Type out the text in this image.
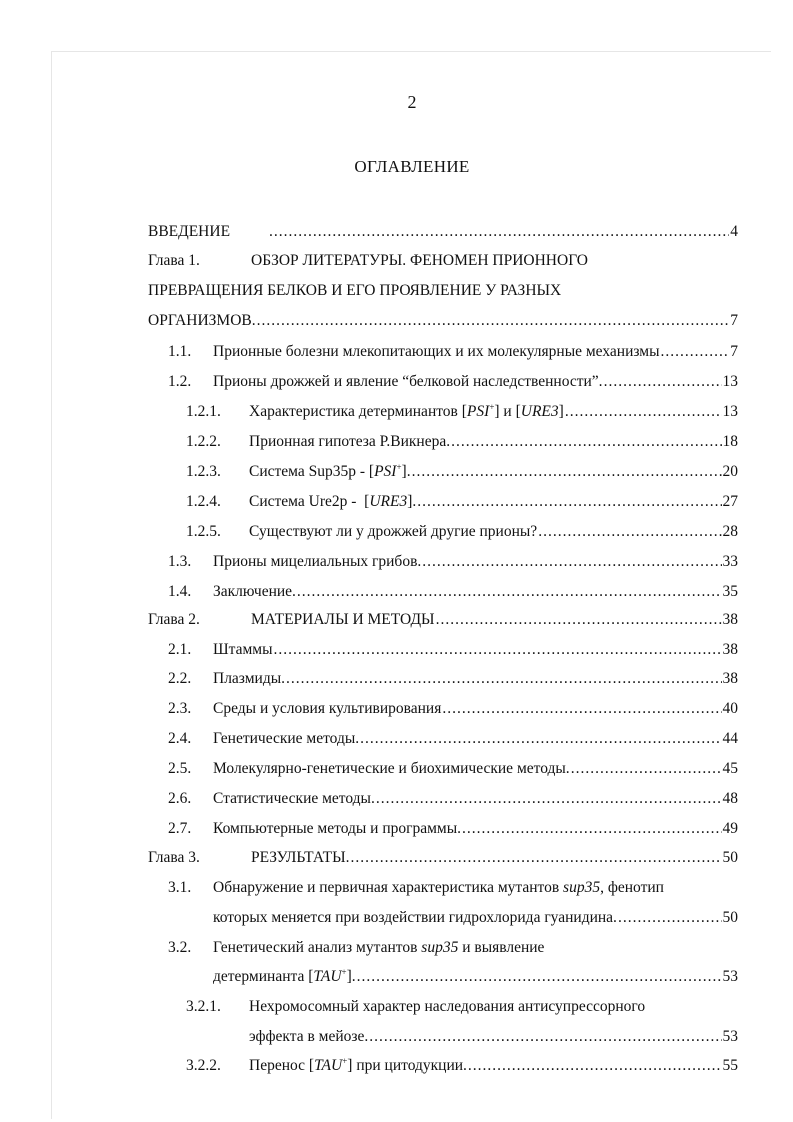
2
ОГЛАВЛЕНИЕ
ВВЕДЕНИЕ .....	4
Глава 1.	ОБЗОР ЛИТЕРАТУРЫ. ФЕНОМЕН ПРИОННОГО
ПРЕВРАЩЕНИЯ БЕЛКОВ И ЕГО ПРОЯВЛЕНИЕ У РАЗНЫХ
ОРГАНИЗМОВ. .....	7
1.1.	Прионные болезни млекопитающих и их молекулярные механизмы .....	7
1.2.	Прионы дрожжей и явление “белковой наследственности”. .....	13
1.2.1.	Характеристика детерминантов [PSI+] и [URE3] .....	13
1.2.2.	Прионная гипотеза Р.Викнера. .....	18
1.2.3.	Система Sup35p - [PSI+]. .....	20
1.2.4.	Система Ure2p -  [URE3]. .....	27
1.2.5.	Существуют ли у дрожжей другие прионы? .....	28
1.3.	Прионы мицелиальных грибов. .....	33
1.4.	Заключение. .....	35
Глава 2.	МАТЕРИАЛЫ И МЕТОДЫ .....	38
2.1.	Штаммы .....	38
2.2.	Плазмиды. .....	38
2.3.	Среды и условия культивирования .....	40
2.4.	Генетические методы. .....	44
2.5.	Молекулярно-генетические и биохимические методы. .....	45
2.6.	Статистические методы. .....	48
2.7.	Компьютерные методы и программы. .....	49
Глава 3.	РЕЗУЛЬТАТЫ. .....	50
3.1.	Обнаружение и первичная характеристика мутантов sup35, фенотип
которых меняется при воздействии гидрохлорида гуанидина. .....	50
3.2.	Генетический анализ мутантов sup35 и выявление
детерминанта [TAU+]. .....	53
3.2.1.	Нехромосомный характер наследования антисупрессорного
эффекта в мейозе. .....	53
3.2.2.	Перенос [TAU+] при цитодукции. .....	55
